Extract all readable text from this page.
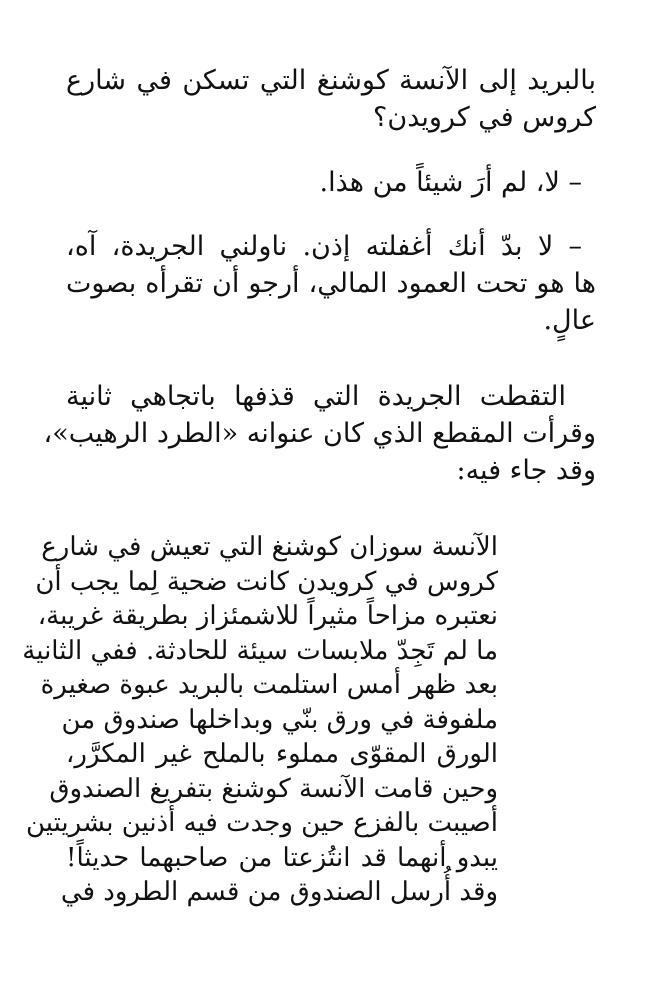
بالبريد إلى الآنسة كوشنغ التي تسكن في شارع
كروس في كرويدن؟
– لا، لم أرَ شيئاً من هذا.
– لا بدّ أنك أغفلته إذن. ناولني الجريدة، آه،
ها هو تحت العمود المالي، أرجو أن تقرأه بصوت
عالٍ.
التقطت الجريدة التي قذفها باتجاهي ثانية
وقرأت المقطع الذي كان عنوانه «الطرد الرهيب»،
وقد جاء فيه:
الآنسة سوزان كوشنغ التي تعيش في شارع
كروس في كرويدن كانت ضحية لِما يجب أن
نعتبره مزاحاً مثيراً للاشمئزاز بطريقة غريبة،
ما لم تَجِدّ ملابسات سيئة للحادثة. ففي الثانية
بعد ظهر أمس استلمت بالبريد عبوة صغيرة
ملفوفة في ورق بنّي وبداخلها صندوق من
الورق المقوّى مملوء بالملح غير المكرَّر،
وحين قامت الآنسة كوشنغ بتفريغ الصندوق
أصيبت بالفزع حين وجدت فيه أذنين بشريتين
يبدو أنهما قد انتُزعتا من صاحبهما حديثاً!
وقد أُرسل الصندوق من قسم الطرود في
